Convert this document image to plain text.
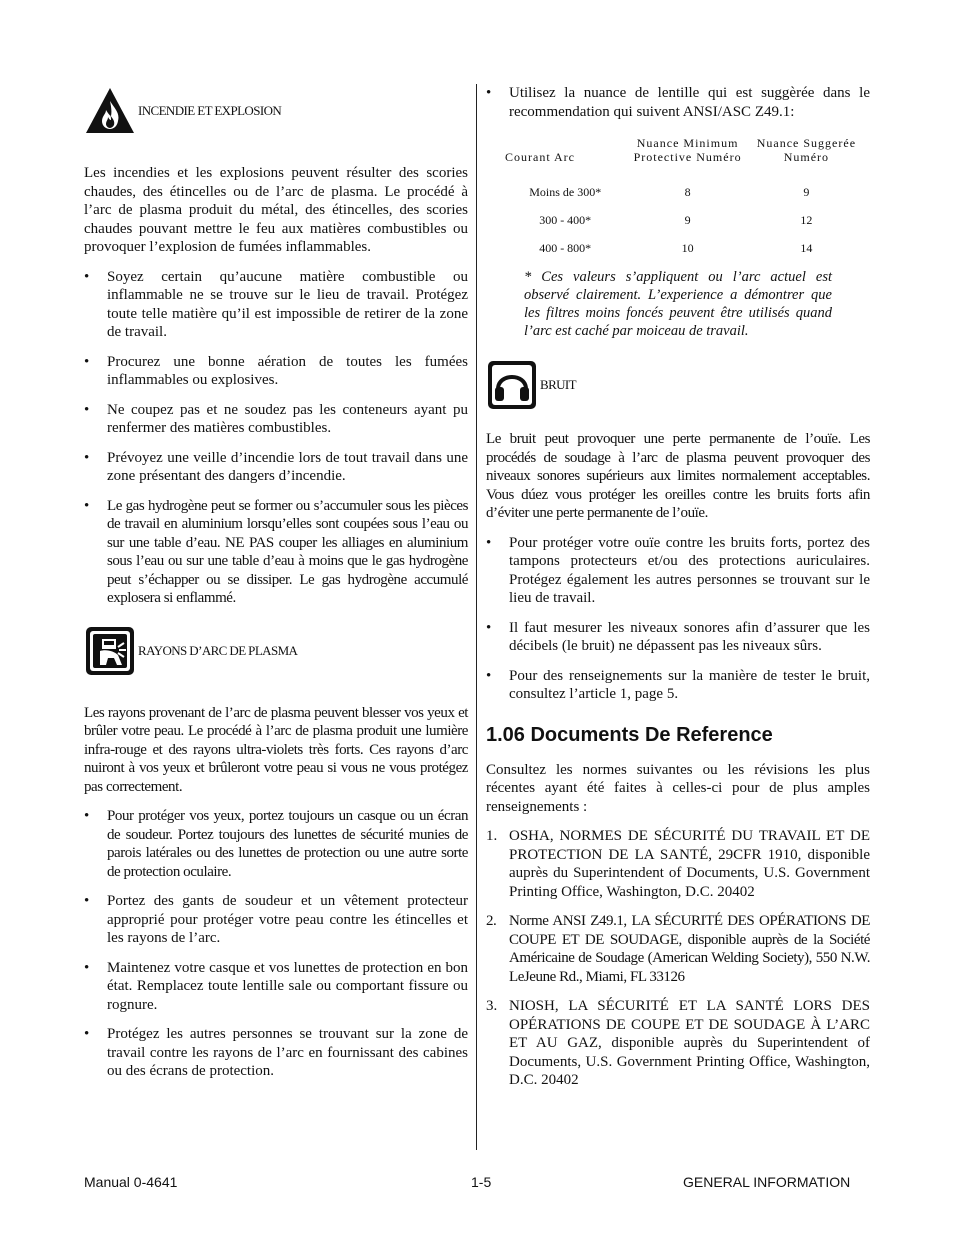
INCENDIE ET EXPLOSION

Les incendies et les explosions peuvent résulter des scories chaudes, des étincelles ou de l’arc de plasma. Le procédé à l’arc de plasma produit du métal, des étincelles, des scories chaudes pouvant mettre le feu aux matières combustibles ou provoquer l’explosion de fumées inflammables.

• Soyez certain qu’aucune matière combustible ou inflammable ne se trouve sur le lieu de travail. Protégez toute telle matière qu’il est impossible de retirer de la zone de travail.
• Procurez une bonne aération de toutes les fumées inflammables ou explosives.
• Ne coupez pas et ne soudez pas les conteneurs ayant pu renfermer des matières combustibles.
• Prévoyez une veille d’incendie lors de tout travail dans une zone présentant des dangers d’incendie.
• Le gas hydrogène peut se former ou s’accumuler sous les pièces de travail en aluminium lorsqu’elles sont coupées sous l’eau ou sur une table d’eau. NE PAS couper les alliages en aluminium sous l’eau ou sur une table d’eau à moins que le gas hydrogène peut s’échapper ou se dissiper. Le gas hydrogène accumulé explosera si enflammé.
RAYONS D’ARC DE PLASMA

Les rayons provenant de l’arc de plasma peuvent blesser vos yeux et brûler votre peau. Le procédé à l’arc de plasma produit une lumière infra-rouge et des rayons ultra-violets très forts. Ces rayons d’arc nuiront à vos yeux et brûleront votre peau si vous ne vous protégez pas correctement.

• Pour protéger vos yeux, portez toujours un casque ou un écran de soudeur. Portez toujours des lunettes de sécurité munies de parois latérales ou des lunettes de protection ou une autre sorte de protection oculaire.
• Portez des gants de soudeur et un vêtement protecteur approprié pour protéger votre peau contre les étincelles et les rayons de l’arc.
• Maintenez votre casque et vos lunettes de protection en bon état. Remplacez toute lentille sale ou comportant fissure ou rognure.
• Protégez les autres personnes se trouvant sur la zone de travail contre les rayons de l’arc en fournissant des cabines ou des écrans de protection.
• Utilisez la nuance de lentille qui est suggèrée dans le recommendation qui suivent ANSI/ASC Z49.1:
Courant Arc	Nuance Minimum Protective Numéro	Nuance Suggerée Numéro
Moins de 300*	8	9
300 - 400*	9	12
400 - 800*	10	14

* Ces valeurs s’appliquent ou l’arc actuel est observé clairement. L’experience a démontrer que les filtres moins foncés peuvent être utilisés quand l’arc est caché par moiceau de travail.

BRUIT

Le bruit peut provoquer une perte permanente de l’ouïe. Les procédés de soudage à l’arc de plasma peuvent provoquer des niveaux sonores supérieurs aux limites normalement acceptables. Vous dúez vous protéger les oreilles contre les bruits forts afin d’éviter une perte permanente de l’ouïe.

• Pour protéger votre ouïe contre les bruits forts, portez des tampons protecteurs et/ou des protections auriculaires. Protégez également les autres personnes se trouvant sur le lieu de travail.
• Il faut mesurer les niveaux sonores afin d’assurer que les décibels (le bruit) ne dépassent pas les niveaux sûrs.
• Pour des renseignements sur la manière de tester le bruit, consultez l’article 1, page 5.
1.06 Documents De Reference

Consultez les normes suivantes ou les révisions les plus récentes ayant été faites à celles-ci pour de plus amples renseignements :

1. OSHA, NORMES DE SÉCURITÉ DU TRAVAIL ET DE PROTECTION DE LA SANTÉ, 29CFR 1910, disponible auprès du Superintendent of Documents, U.S. Government Printing Office, Washington, D.C. 20402
2. Norme ANSI Z49.1, LA SÉCURITÉ DES OPÉRATIONS DE COUPE ET DE SOUDAGE, disponible auprès de la Société Américaine de Soudage (American Welding Society), 550 N.W. LeJeune Rd., Miami, FL 33126
3. NIOSH, LA SÉCURITÉ ET LA SANTÉ LORS DES OPÉRATIONS DE COUPE ET DE SOUDAGE À L’ARC ET AU GAZ, disponible auprès du Superintendent of Documents, U.S. Government Printing Office, Washington, D.C. 20402
Manual 0-4641	1-5	GENERAL INFORMATION
